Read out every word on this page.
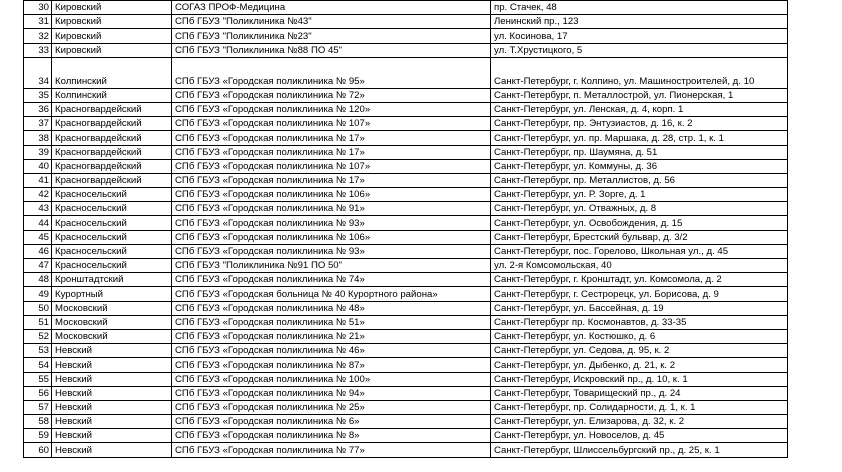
30	Кировский	СОГАЗ ПРОФ-Медицина	пр. Стачек, 48
31	Кировский	СПб ГБУЗ "Поликлиника №43"	Ленинский пр., 123
32	Кировский	СПб ГБУЗ "Поликлиника №23"	ул. Косинова, 17
33	Кировский	СПб ГБУЗ "Поликлиника №88 ПО 45"	ул. Т.Хрустицкого, 5
34	Колпинский	СПб ГБУЗ «Городская поликлиника № 95»	Санкт-Петербург, г. Колпино, ул. Машиностроителей, д. 10
35	Колпинский	СПб ГБУЗ «Городская поликлиника № 72»	Санкт-Петербург, п. Металлострой, ул. Пионерская, 1
36	Красногвардейский	СПб ГБУЗ «Городская поликлиника № 120»	Санкт-Петербург, ул. Ленская, д. 4, корп. 1
37	Красногвардейский	СПб ГБУЗ «Городская поликлиника № 107»	Санкт-Петербург, пр. Энтузиастов, д. 16, к. 2
38	Красногвардейский	СПб ГБУЗ «Городская поликлиника № 17»	Санкт-Петербург, ул. пр. Маршака, д. 28, стр. 1, к. 1
39	Красногвардейский	СПб ГБУЗ «Городская поликлиника № 17»	Санкт-Петербург, пр. Шаумяна, д. 51
40	Красногвардейский	СПб ГБУЗ «Городская поликлиника № 107»	Санкт-Петербург, ул. Коммуны, д. 36
41	Красногвардейский	СПб ГБУЗ «Городская поликлиника № 17»	Санкт-Петербург, пр. Металлистов, д. 56
42	Красносельский	СПб ГБУЗ «Городская поликлиника № 106»	Санкт-Петербург, ул. Р. Зорге, д. 1
43	Красносельский	СПб ГБУЗ «Городская поликлиника № 91»	Санкт-Петербург, ул. Отважных, д. 8
44	Красносельский	СПб ГБУЗ «Городская поликлиника № 93»	Санкт-Петербург, ул. Освобождения, д. 15
45	Красносельский	СПб ГБУЗ «Городская поликлиника № 106»	Санкт-Петербург, Брестский бульвар, д. 3/2
46	Красносельский	СПб ГБУЗ «Городская поликлиника № 93»	Санкт-Петербург, пос. Горелово, Школьная ул., д. 45
47	Красносельский	СПб ГБУЗ "Поликлиника №91 ПО 50"	ул. 2-я Комсомольская, 40
48	Кронштадтский	СПб ГБУЗ «Городская поликлиника № 74»	Санкт-Петербург, г. Кронштадт, ул. Комсомола, д. 2
49	Курортный	СПб ГБУЗ «Городская больница № 40 Курортного района»	Санкт-Петербург, г. Сестрорецк, ул. Борисова, д. 9
50	Московский	СПб ГБУЗ «Городская поликлиника № 48»	Санкт-Петербург, ул. Бассейная, д. 19
51	Московский	СПб ГБУЗ «Городская поликлиника № 51»	Санкт-Петербург пр. Космонавтов, д. 33-35
52	Московский	СПб ГБУЗ «Городская поликлиника № 21»	Санкт-Петербург, ул. Костюшко, д. 6
53	Невский	СПб ГБУЗ «Городская поликлиника № 46»	Санкт-Петербург, ул. Седова, д. 95, к. 2
54	Невский	СПб ГБУЗ «Городская поликлиника № 87»	Санкт-Петербург, ул. Дыбенко, д. 21, к. 2
55	Невский	СПб ГБУЗ «Городская поликлиника № 100»	Санкт-Петербург, Искровский пр., д. 10, к. 1
56	Невский	СПб ГБУЗ «Городская поликлиника № 94»	Санкт-Петербург, Товарищеский пр., д. 24
57	Невский	СПб ГБУЗ «Городская поликлиника № 25»	Санкт-Петербург, пр. Солидарности, д. 1, к. 1
58	Невский	СПб ГБУЗ «Городская поликлиника № 6»	Санкт-Петербург, ул. Елизарова, д. 32, к. 2
59	Невский	СПб ГБУЗ «Городская поликлиника № 8»	Санкт-Петербург, ул. Новоселов, д. 45
60	Невский	СПб ГБУЗ «Городская поликлиника № 77»	Санкт-Петербург, Шлиссельбургский пр., д. 25, к. 1
